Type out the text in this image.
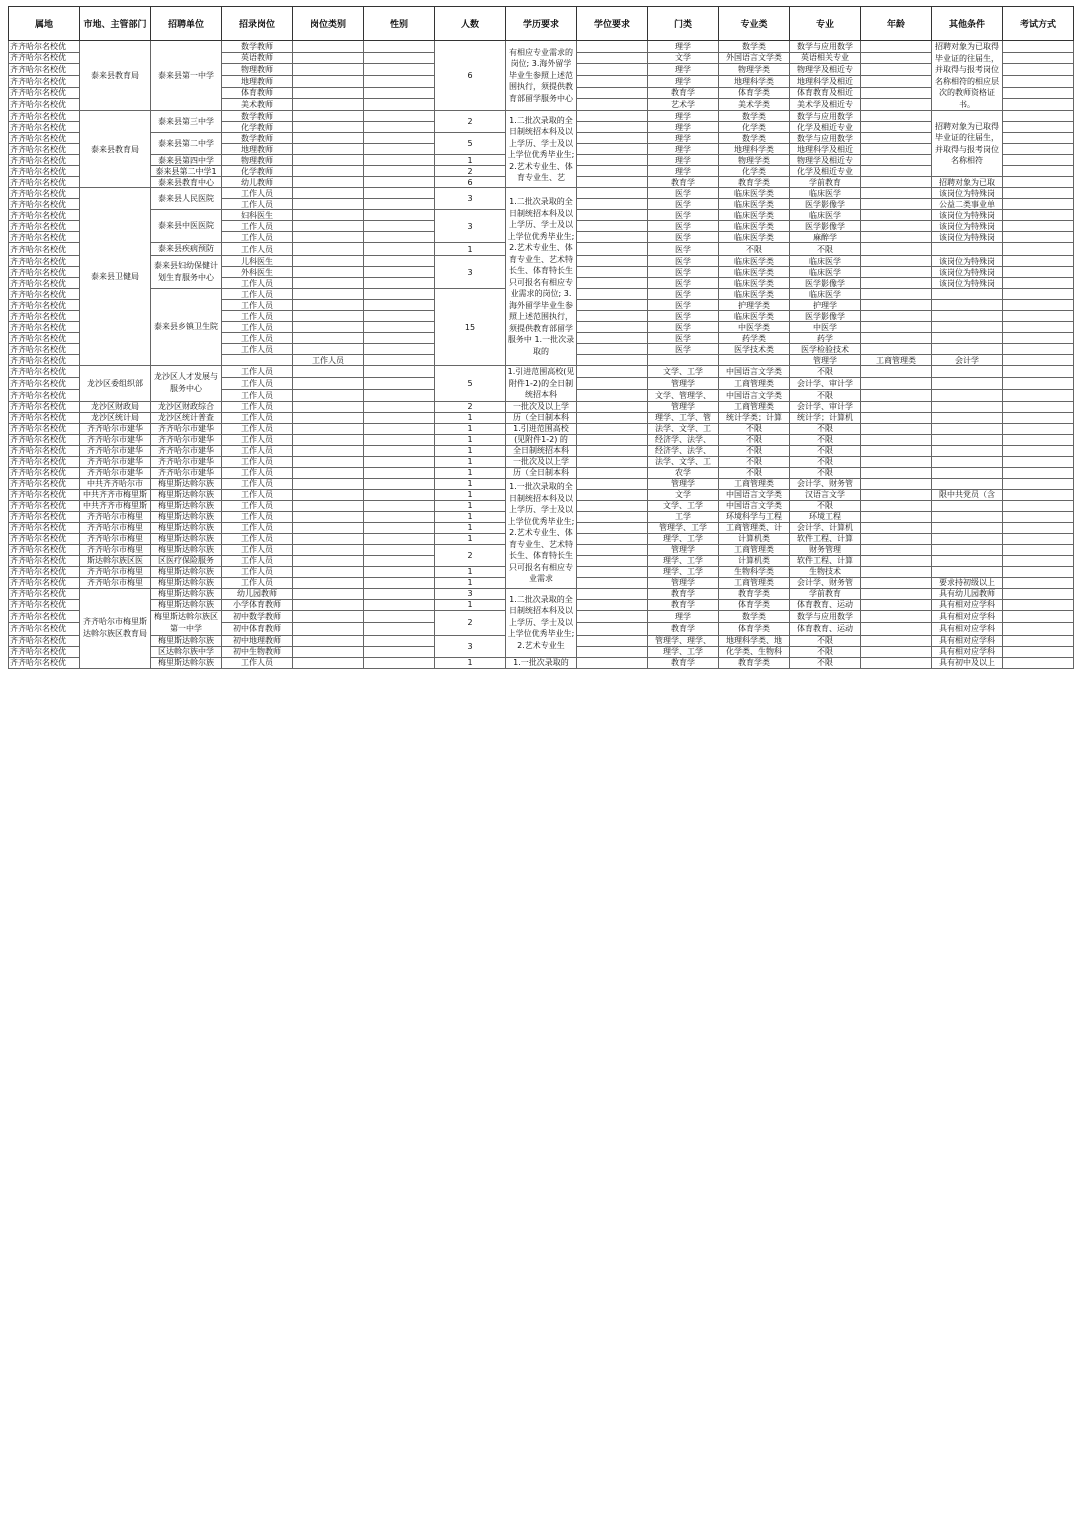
属地	市地、主管部门	招聘单位	招录岗位	岗位类别	性别	人数	学历要求	学位要求	门类	专业类	专业	年龄	其他条件	考试方式	
齐齐哈尔名校优	泰来县教育局	泰来县第一中学	数学教师			6	有相应专业需求的岗位; 3.海外留学毕业生参照上述范围执行，须提供教育部留学服务中心		理学	数学类	数学与应用数学		招聘对象为已取得毕业证的往届生，并取得与报考岗位名称相符的相应层次的教师资格证书。		
齐齐哈尔名校优			英语教师						文学	外国语言文学类	英语相关专业				
齐齐哈尔名校优			物理教师						理学	物理学类	物理学及相近专				
齐齐哈尔名校优			地理教师						理学	地理科学类	地理科学及相近				
齐齐哈尔名校优			体育教师						教育学	体育学类	体育教育及相近				
齐齐哈尔名校优			美术教师						艺术学	美术学类	美术学及相近专				
齐齐哈尔名校优	泰来县教育局	泰来县第三中学	数学教师			2	1.二批次录取的全日制统招本科及以上学历、学士及以上学位优秀毕业生; 2.艺术专业生、体育专业生、艺		理学	数学类	数学与应用数学		招聘对象为已取得毕业证的往届生，并取得与报考岗位名称相符		
齐齐哈尔名校优			化学教师						理学	化学类	化学及相近专业				
齐齐哈尔名校优		泰来县第二中学	数学教师			5			理学	数学类	数学与应用数学				
齐齐哈尔名校优			地理教师						理学	地理科学类	地理科学及相近				
齐齐哈尔名校优		泰来县第四中学	物理教师			1			理学	物理学类	物理学及相近专				
齐齐哈尔名校优		泰来县第二中学1	化学教师			2			理学	化学类	化学及相近专业				
齐齐哈尔名校优		泰来县教育中心	幼儿教师			6			教育学	教育学类	学前教育		招聘对象为已取		
齐齐哈尔名校优	泰来县卫健局	泰来县人民医院	工作人员			3	1.二批次录取的全日制统招本科及以上学历、学士及以上学位优秀毕业生; 2.艺术专业生、体育专业生、艺术特长生、体育特长生只可报名有相应专业需求的岗位; 3.海外留学毕业生参照上述范围执行，须提供教育部留学服务中 1.一批次录取的		医学	临床医学类	临床医学		该岗位为特殊岗		
齐齐哈尔名校优			工作人员						医学	临床医学类	医学影像学		公益二类事业单		
齐齐哈尔名校优		泰来县中医医院	妇科医生			3			医学	临床医学类	临床医学		该岗位为特殊岗		
齐齐哈尔名校优			工作人员						医学	临床医学类	医学影像学		该岗位为特殊岗		
齐齐哈尔名校优			工作人员						医学	临床医学类	麻醉学		该岗位为特殊岗		
齐齐哈尔名校优		泰来县疾病预防	工作人员			1			医学	不限	不限				
齐齐哈尔名校优		泰来县妇幼保健计划生育服务中心	儿科医生			3			医学	临床医学类	临床医学		该岗位为特殊岗		
齐齐哈尔名校优			外科医生						医学	临床医学类	临床医学		该岗位为特殊岗		
齐齐哈尔名校优			工作人员						医学	临床医学类	医学影像学		该岗位为特殊岗		
齐齐哈尔名校优		泰来县乡镇卫生院	工作人员			15			医学	临床医学类	临床医学				
齐齐哈尔名校优			工作人员						医学	护理学类	护理学				
齐齐哈尔名校优			工作人员						医学	临床医学类	医学影像学				
齐齐哈尔名校优			工作人员						医学	中医学类	中医学				
齐齐哈尔名校优			工作人员						医学	药学类	药学				
齐齐哈尔名校优			工作人员						医学	医学技术类	医学检验技术				
齐齐哈尔名校优				工作人员							管理学	工商管理类	会计学			
齐齐哈尔名校优	龙沙区委组织部	龙沙区人才发展与服务中心	工作人员			5	1.引进范围高校(见附件1-2)的全日制统招本科		文学、工学	中国语言文学类	不限				
齐齐哈尔名校优			工作人员						管理学	工商管理类	会计学、审计学				
齐齐哈尔名校优			工作人员						文学、管理学、	中国语言文学类	不限				
齐齐哈尔名校优	龙沙区财政局	龙沙区财政综合	工作人员			2	一批次及以上学		管理学	工商管理类	会计学、审计学				
齐齐哈尔名校优	龙沙区统计局	龙沙区统计普查	工作人员			1	历（全日制本科		理学、工学、管	统计学类；计算	统计学；计算机				
齐齐哈尔名校优	齐齐哈尔市建华	齐齐哈尔市建华	工作人员			1	1.引进范围高校		法学、文学、工	不限	不限				
齐齐哈尔名校优	齐齐哈尔市建华	齐齐哈尔市建华	工作人员			1	(见附件1-2) 的		经济学、法学、	不限	不限				
齐齐哈尔名校优	齐齐哈尔市建华	齐齐哈尔市建华	工作人员			1	全日制统招本科		经济学、法学、	不限	不限				
齐齐哈尔名校优	齐齐哈尔市建华	齐齐哈尔市建华	工作人员			1	一批次及以上学		法学、文学、工	不限	不限				
齐齐哈尔名校优	齐齐哈尔市建华	齐齐哈尔市建华	工作人员			1	历（全日制本科		农学	不限	不限				
齐齐哈尔名校优	中共齐齐哈尔市	梅里斯达斡尔族	工作人员			1	1.一批次录取的全日制统招本科及以上学历、学士及以上学位优秀毕业生; 2.艺术专业生、体育专业生、艺术特长生、体育特长生只可报名有相应专业需求		管理学	工商管理类	会计学、财务管				
齐齐哈尔名校优	中共齐齐市梅里斯	梅里斯达斡尔族	工作人员			1			文学	中国语言文学类	汉语言文学		限中共党员（含		
齐齐哈尔名校优	中共齐齐市梅里斯	梅里斯达斡尔族	工作人员			1			文学、工学	中国语言文学类	不限				
齐齐哈尔名校优	齐齐哈尔市梅里	梅里斯达斡尔族	工作人员			1			工学	环境科学与工程	环境工程				
齐齐哈尔名校优	齐齐哈尔市梅里	梅里斯达斡尔族	工作人员			1			管理学、工学	工商管理类、计	会计学、计算机				
齐齐哈尔名校优	齐齐哈尔市梅里	梅里斯达斡尔族	工作人员			1			理学、工学	计算机类	软件工程、计算				
齐齐哈尔名校优	齐齐哈尔市梅里	梅里斯达斡尔族	工作人员			2			管理学	工商管理类	财务管理				
齐齐哈尔名校优	斯达斡尔族区医	区医疗保险服务	工作人员						理学、工学	计算机类	软件工程、计算				
齐齐哈尔名校优	齐齐哈尔市梅里	梅里斯达斡尔族	工作人员			1			理学、工学	生物科学类	生物技术				
齐齐哈尔名校优	齐齐哈尔市梅里	梅里斯达斡尔族	工作人员			1			管理学	工商管理类	会计学、财务管		要求持初级以上		
齐齐哈尔名校优	齐齐哈尔市梅里斯达斡尔族区教育局	梅里斯达斡尔族	幼儿园教师			3	1.二批次录取的全日制统招本科及以上学历、学士及以上学位优秀毕业生; 2.艺术专业生		教育学	教育学类	学前教育		具有幼儿园教师		
齐齐哈尔名校优		梅里斯达斡尔族	小学体育教师			1			教育学	体育学类	体育教育、运动		具有相对应学科		
齐齐哈尔名校优		梅里斯达斡尔族区第一中学	初中数学教师			2			理学	数学类	数学与应用数学		具有相对应学科		
齐齐哈尔名校优			初中体育教师						教育学	体育学类	体育教育、运动		具有相对应学科		
齐齐哈尔名校优		梅里斯达斡尔族	初中地理教师			3			管理学、理学、	地理科学类、地	不限		具有相对应学科		
齐齐哈尔名校优		区达斡尔族中学	初中生物教师						理学、工学	化学类、生物科	不限		具有相对应学科		
齐齐哈尔名校优		梅里斯达斡尔族	工作人员			1	1.一批次录取的		教育学	教育学类	不限		具有初中及以上		
